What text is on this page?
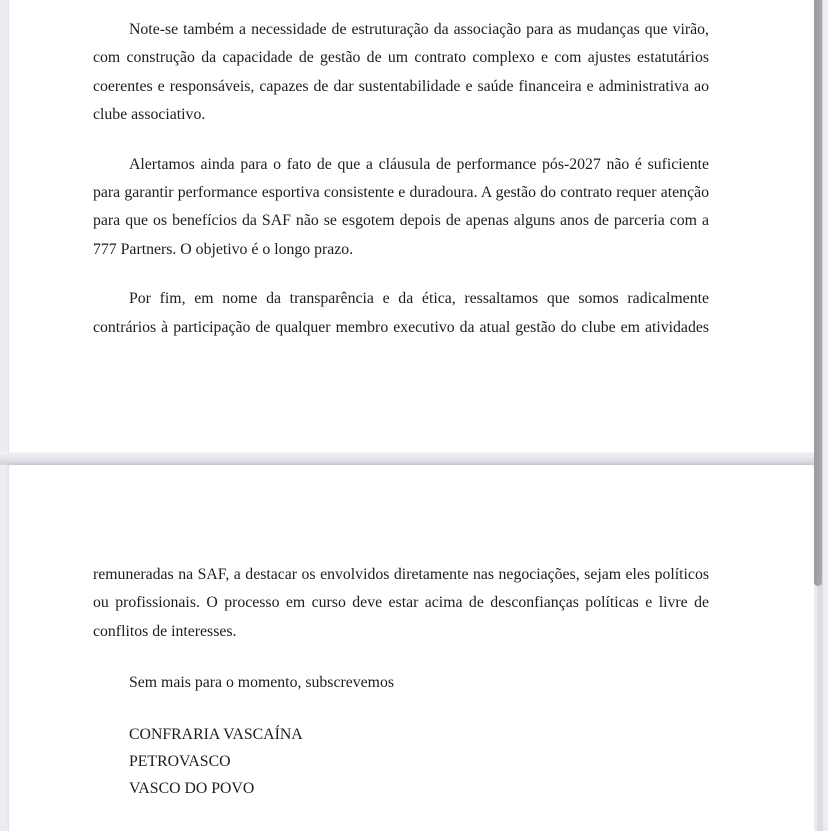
Note-se também a necessidade de estruturação da associação para as mudanças que virão,
com construção da capacidade de gestão de um contrato complexo e com ajustes estatutários
coerentes e responsáveis, capazes de dar sustentabilidade e saúde financeira e administrativa ao
clube associativo.
Alertamos ainda para o fato de que a cláusula de performance pós-2027 não é suficiente
para garantir performance esportiva consistente e duradoura. A gestão do contrato requer atenção
para que os benefícios da SAF não se esgotem depois de apenas alguns anos de parceria com a
777 Partners. O objetivo é o longo prazo.
Por fim, em nome da transparência e da ética, ressaltamos que somos radicalmente
contrários à participação de qualquer membro executivo da atual gestão do clube em atividades
remuneradas na SAF, a destacar os envolvidos diretamente nas negociações, sejam eles políticos
ou profissionais. O processo em curso deve estar acima de desconfianças políticas e livre de
conflitos de interesses.
Sem mais para o momento, subscrevemos
CONFRARIA VASCAÍNA
PETROVASCO
VASCO DO POVO
